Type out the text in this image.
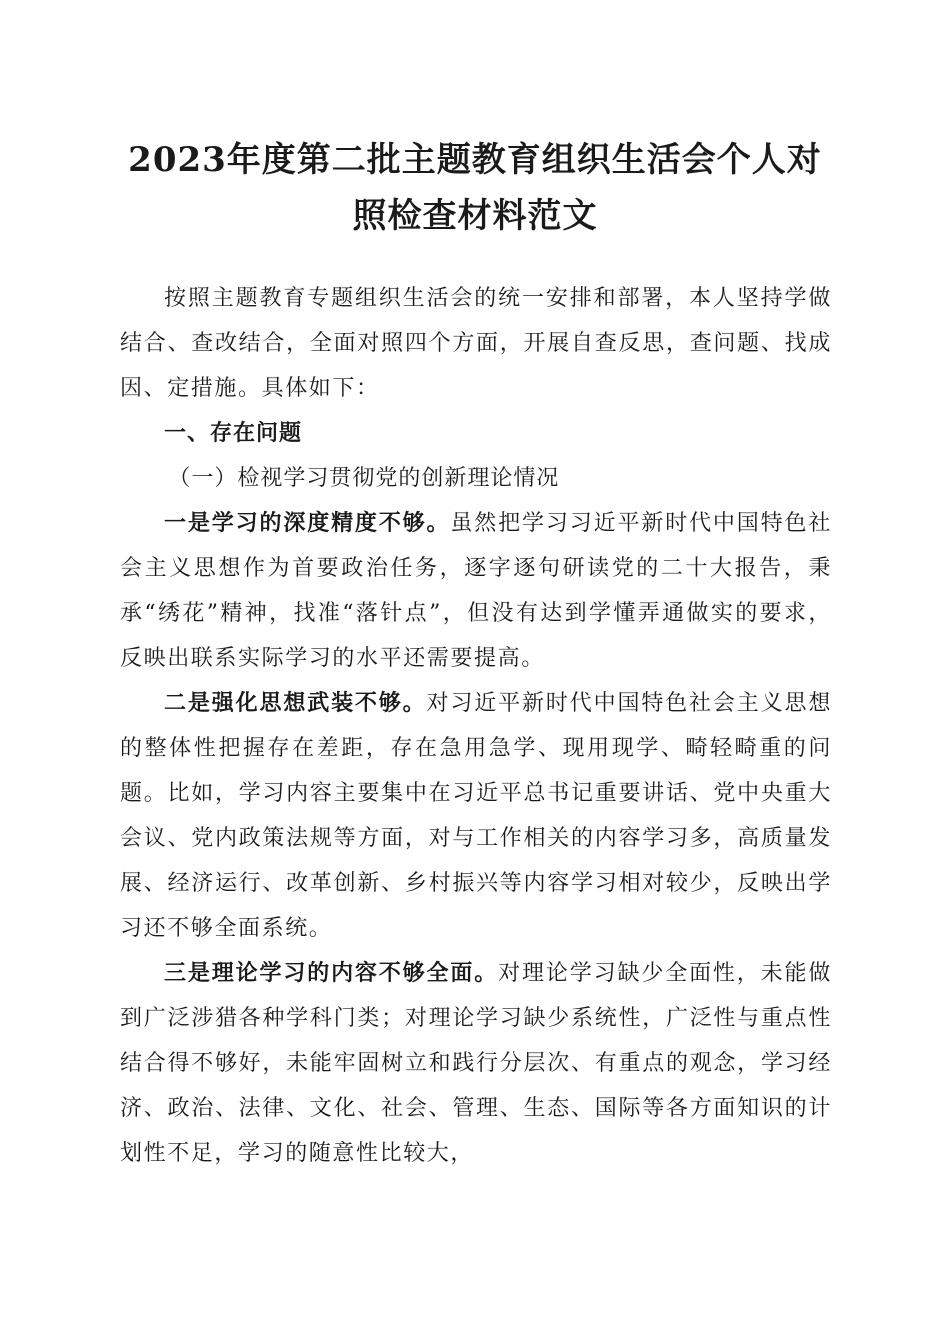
2023年度第二批主题教育组织生活会个人对
照检查材料范文

按照主题教育专题组织生活会的统一安排和部署，本人坚持学做结合、查改结合，全面对照四个方面，开展自查反思，查问题、找成因、定措施。具体如下：

一、存在问题

（一）检视学习贯彻党的创新理论情况

一是学习的深度精度不够。虽然把学习习近平新时代中国特色社会主义思想作为首要政治任务，逐字逐句研读党的二十大报告，秉承“绣花”精神，找准“落针点”，但没有达到学懂弄通做实的要求，反映出联系实际学习的水平还需要提高。

二是强化思想武装不够。对习近平新时代中国特色社会主义思想的整体性把握存在差距，存在急用急学、现用现学、畸轻畸重的问题。比如，学习内容主要集中在习近平总书记重要讲话、党中央重大会议、党内政策法规等方面，对与工作相关的内容学习多，高质量发展、经济运行、改革创新、乡村振兴等内容学习相对较少，反映出学习还不够全面系统。

三是理论学习的内容不够全面。对理论学习缺少全面性，未能做到广泛涉猎各种学科门类；对理论学习缺少系统性，广泛性与重点性结合得不够好，未能牢固树立和践行分层次、有重点的观念，学习经济、政治、法律、文化、社会、管理、生态、国际等各方面知识的计划性不足，学习的随意性比较大，
